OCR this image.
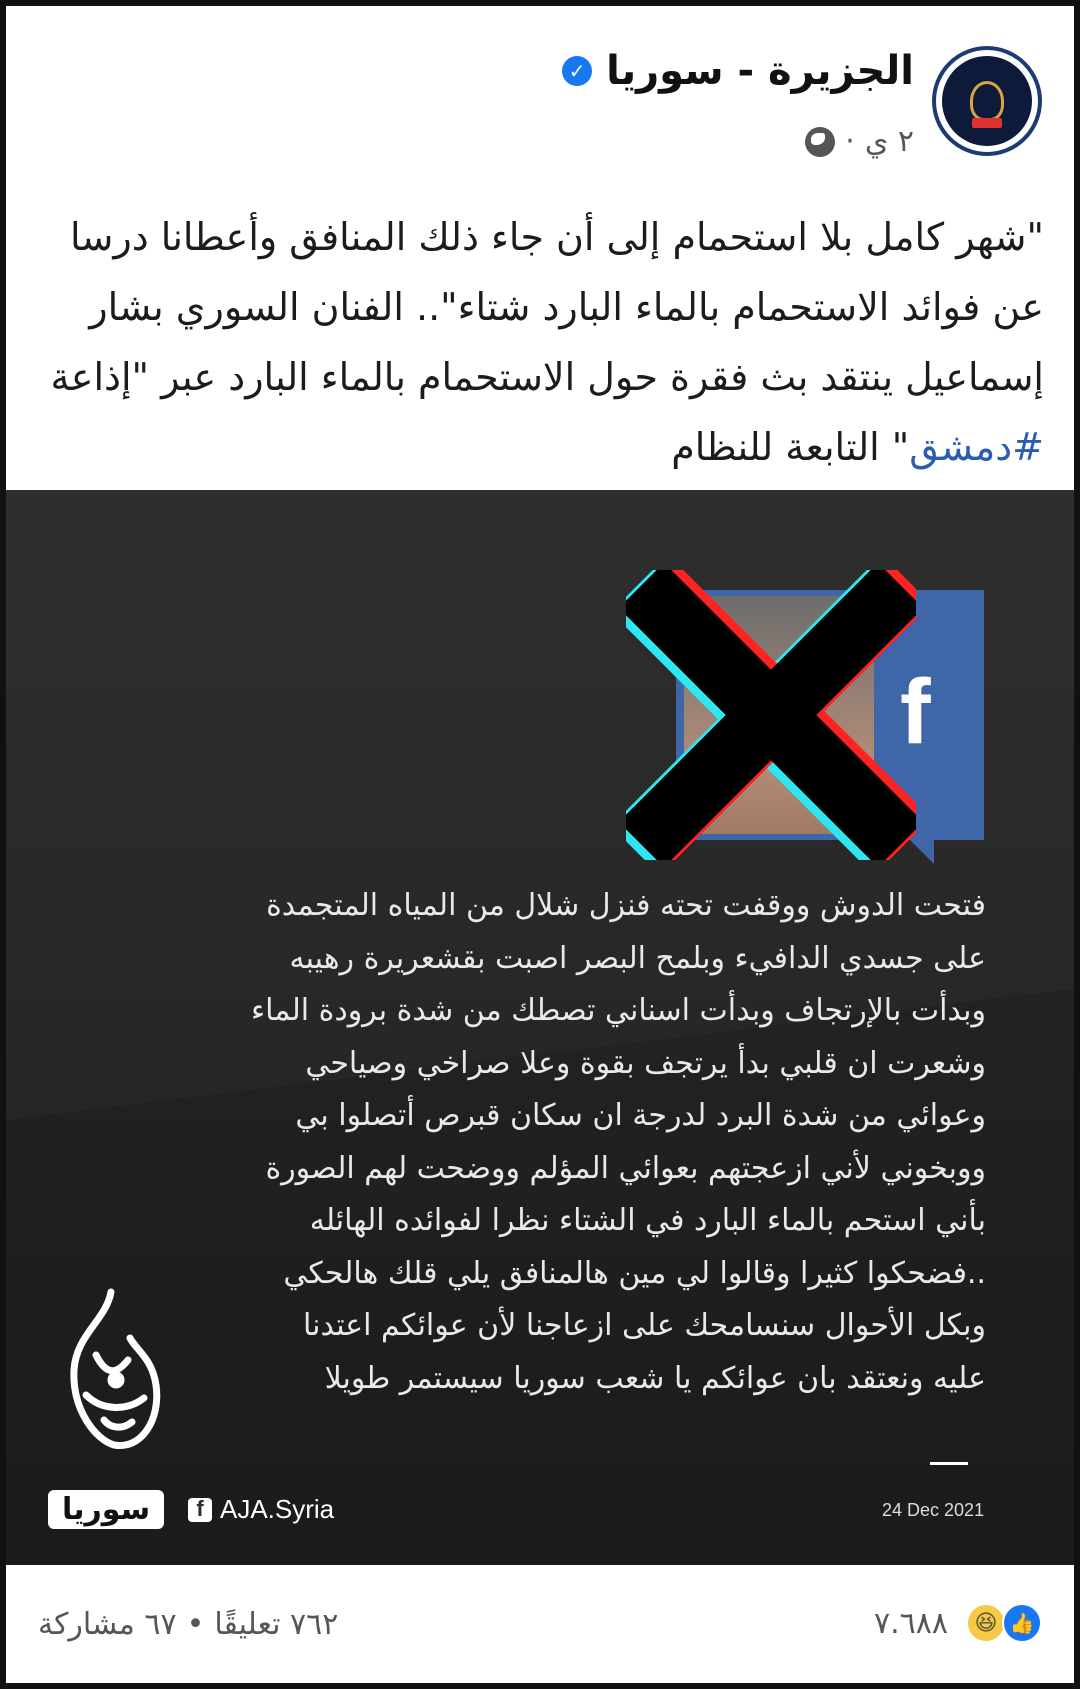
الجزيرة - سوريا
✓
٢ ي
·
"شهر كامل بلا استحمام إلى أن جاء ذلك المنافق وأعطانا درسا عن فوائد الاستحمام بالماء البارد شتاء".. الفنان السوري بشار إسماعيل ينتقد بث فقرة حول الاستحمام بالماء البارد عبر "إذاعة #دمشق" التابعة للنظام
f
فتحت الدوش ووقفت تحته فنزل شلال من المياه المتجمدة
على جسدي الدافيء وبلمح البصر اصبت بقشعريرة رهيبه
وبدأت بالإرتجاف وبدأت اسناني تصطك من شدة برودة الماء
وشعرت ان قلبي بدأ يرتجف بقوة وعلا صراخي وصياحي
وعوائي من شدة البرد لدرجة ان سكان قبرص أتصلوا بي
ووبخوني لأني ازعجتهم بعوائي المؤلم ووضحت لهم الصورة
بأني استحم بالماء البارد في الشتاء نظرا لفوائده الهائله
..فضحكوا كثيرا وقالوا لي مين هالمنافق يلي قلك هالحكي
وبكل الأحوال سنسامحك على ازعاجنا لأن عوائكم اعتدنا
عليه ونعتقد بان عوائكم يا شعب سوريا سيستمر طويلا
سوريا	f AJA.Syria	24 Dec 2021
٧٦٢ تعليقًا
•
٦٧ مشاركة	٧.٦٨٨	😆 👍
